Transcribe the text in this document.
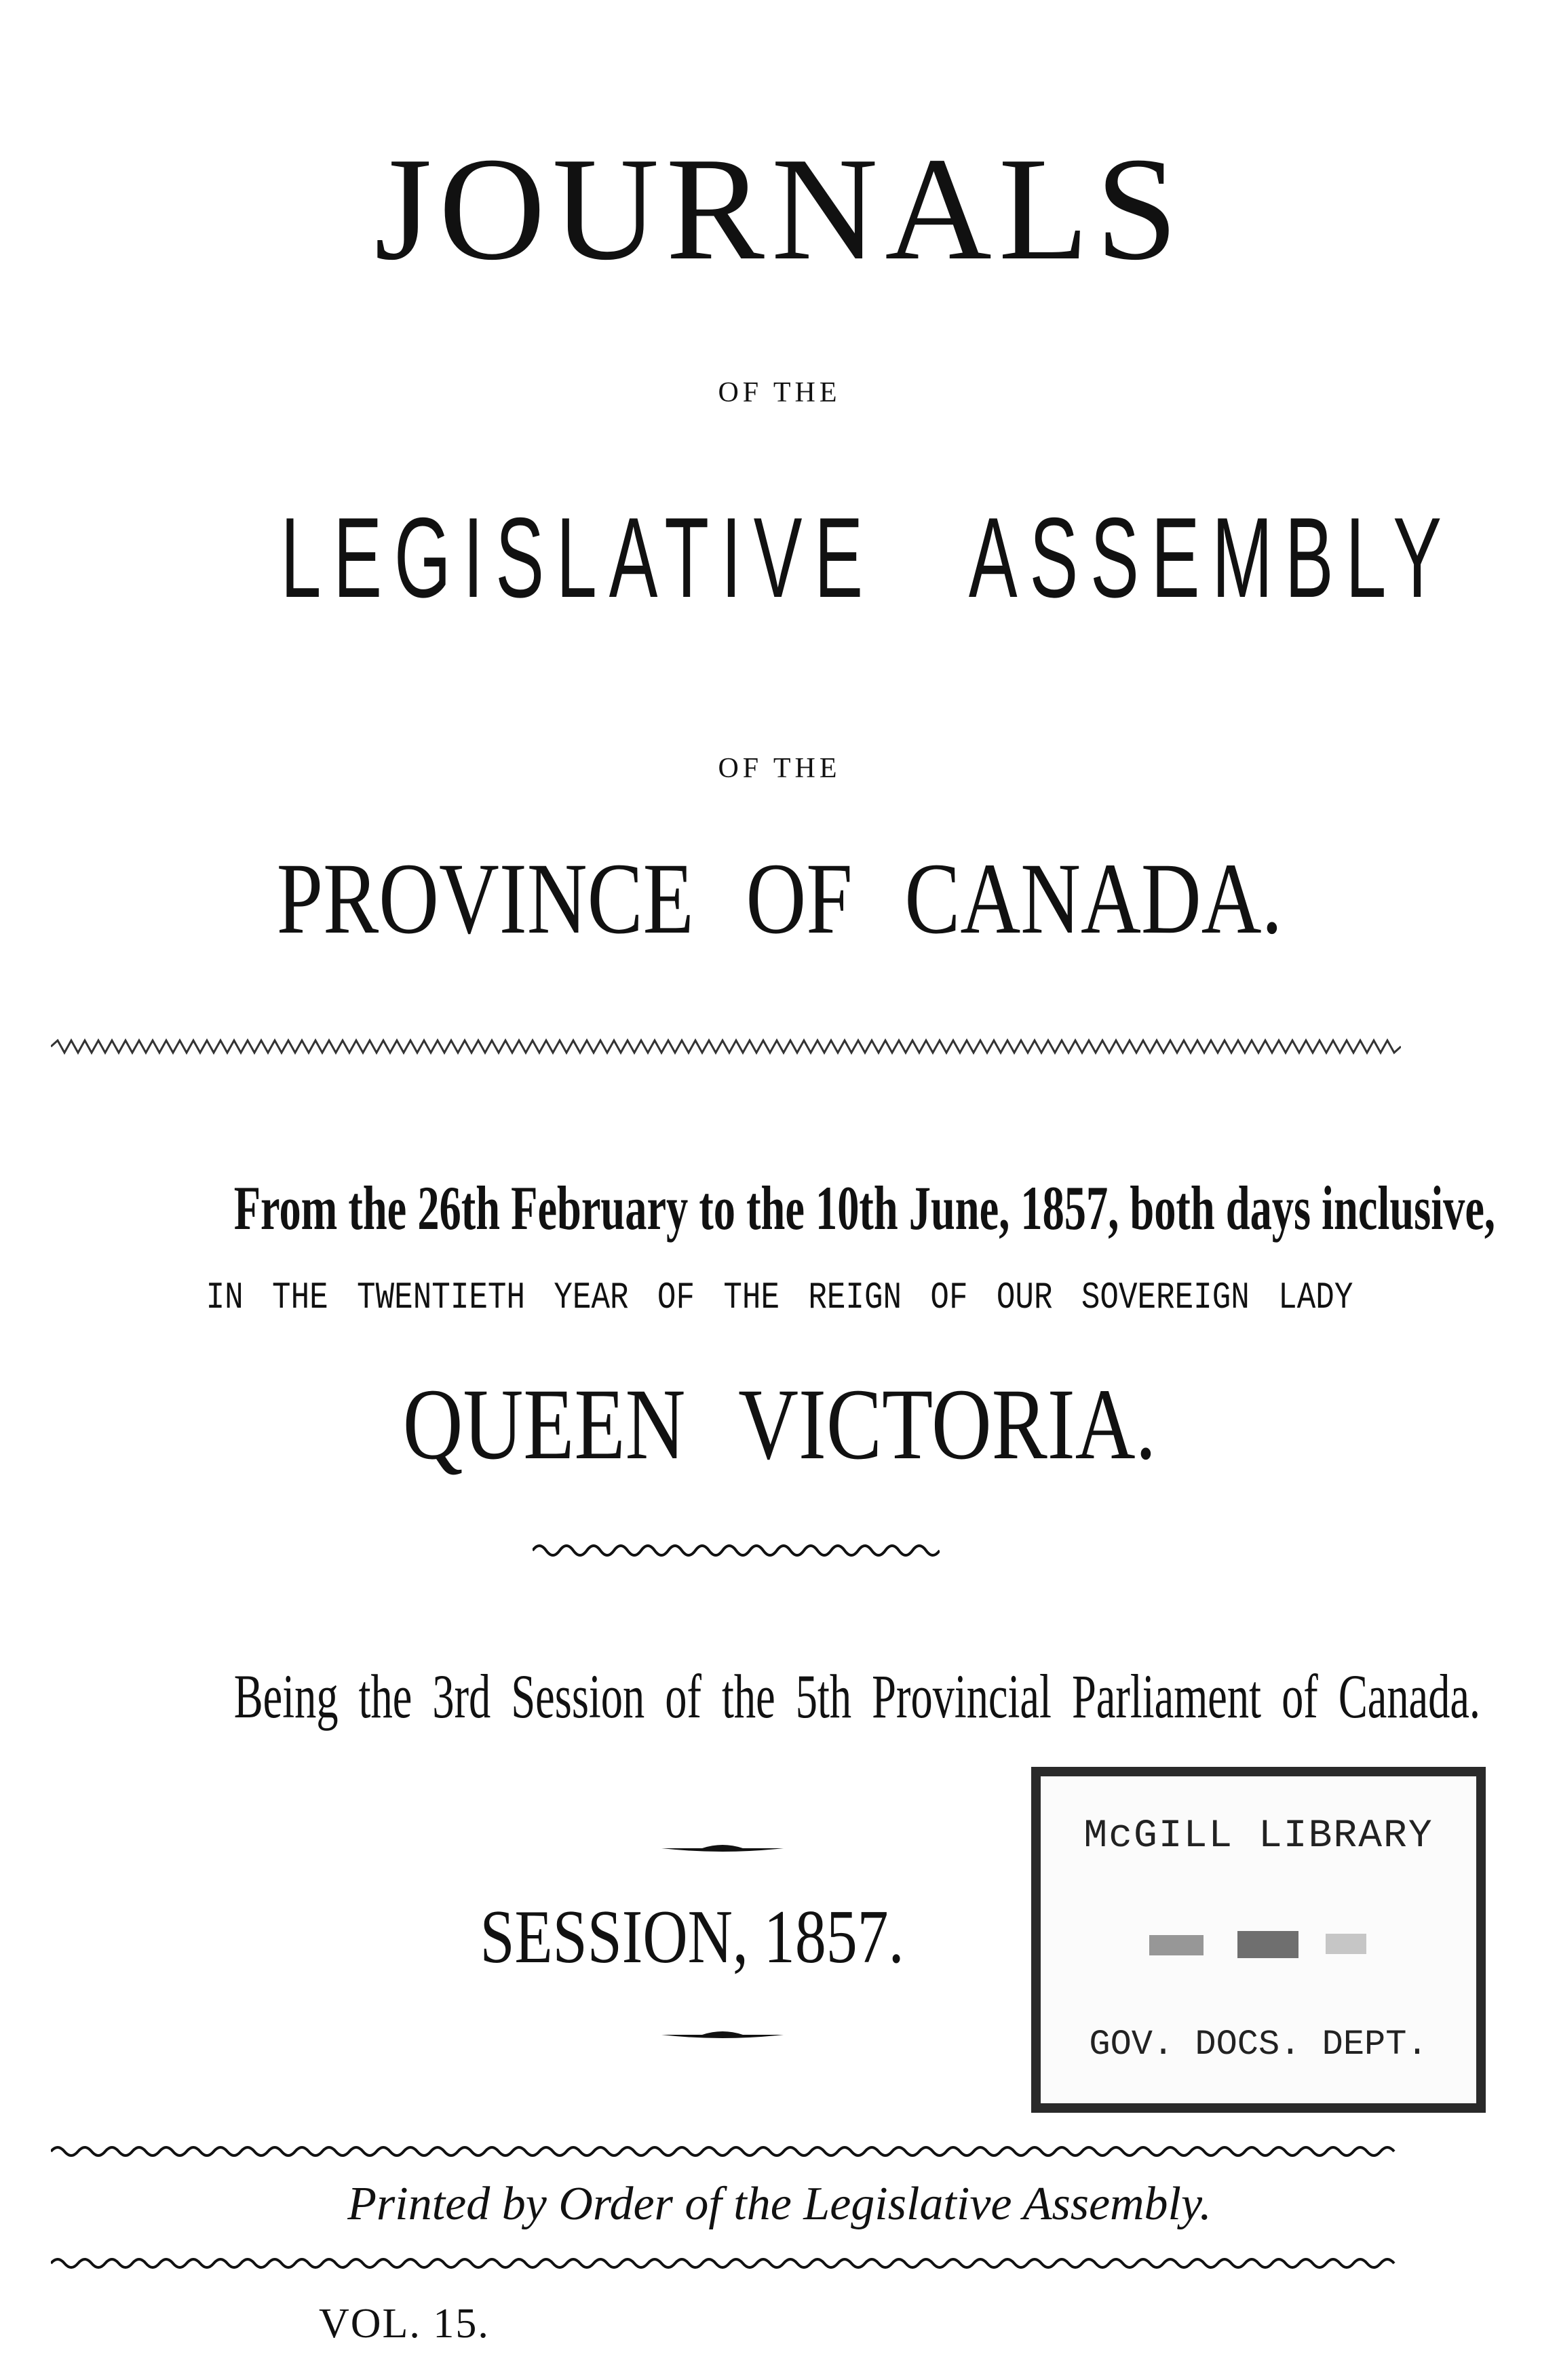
JOURNALS
OF THE
LEGISLATIVE ASSEMBLY
OF THE
PROVINCE OF CANADA.
From the 26th February to the 10th June, 1857, both days inclusive,
IN THE TWENTIETH YEAR OF THE REIGN OF OUR SOVEREIGN LADY
QUEEN VICTORIA.
Being the 3rd Session of the 5th Provincial Parliament of Canada.
SESSION, 1857.
McGILL LIBRARY
GOV. DOCS. DEPT.
Printed by Order of the Legislative Assembly.
VOL. 15.
